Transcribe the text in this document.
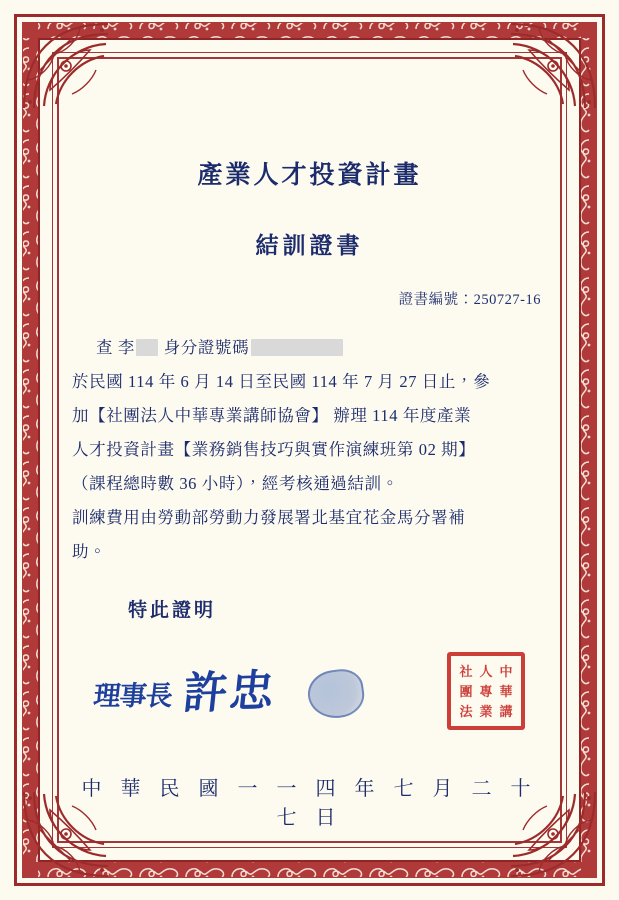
產業人才投資計畫
結訓證書
證書編號：250727-16
查 李 身分證號碼
於民國 114 年 6 月 14 日至民國 114 年 7 月 27 日止，參
加【社團法人中華專業講師協會】 辦理 114 年度產業
人才投資計畫【業務銷售技巧與實作演練班第 02 期】
（課程總時數 36 小時），經考核通過結訓。
訓練費用由勞動部勞動力發展署北基宜花金馬分署補
助。
特此證明
理事長 許忠	社 人 中
團 專 華
法 業 講
中 華 民 國 一 一 四 年 七 月 二 十 七 日
